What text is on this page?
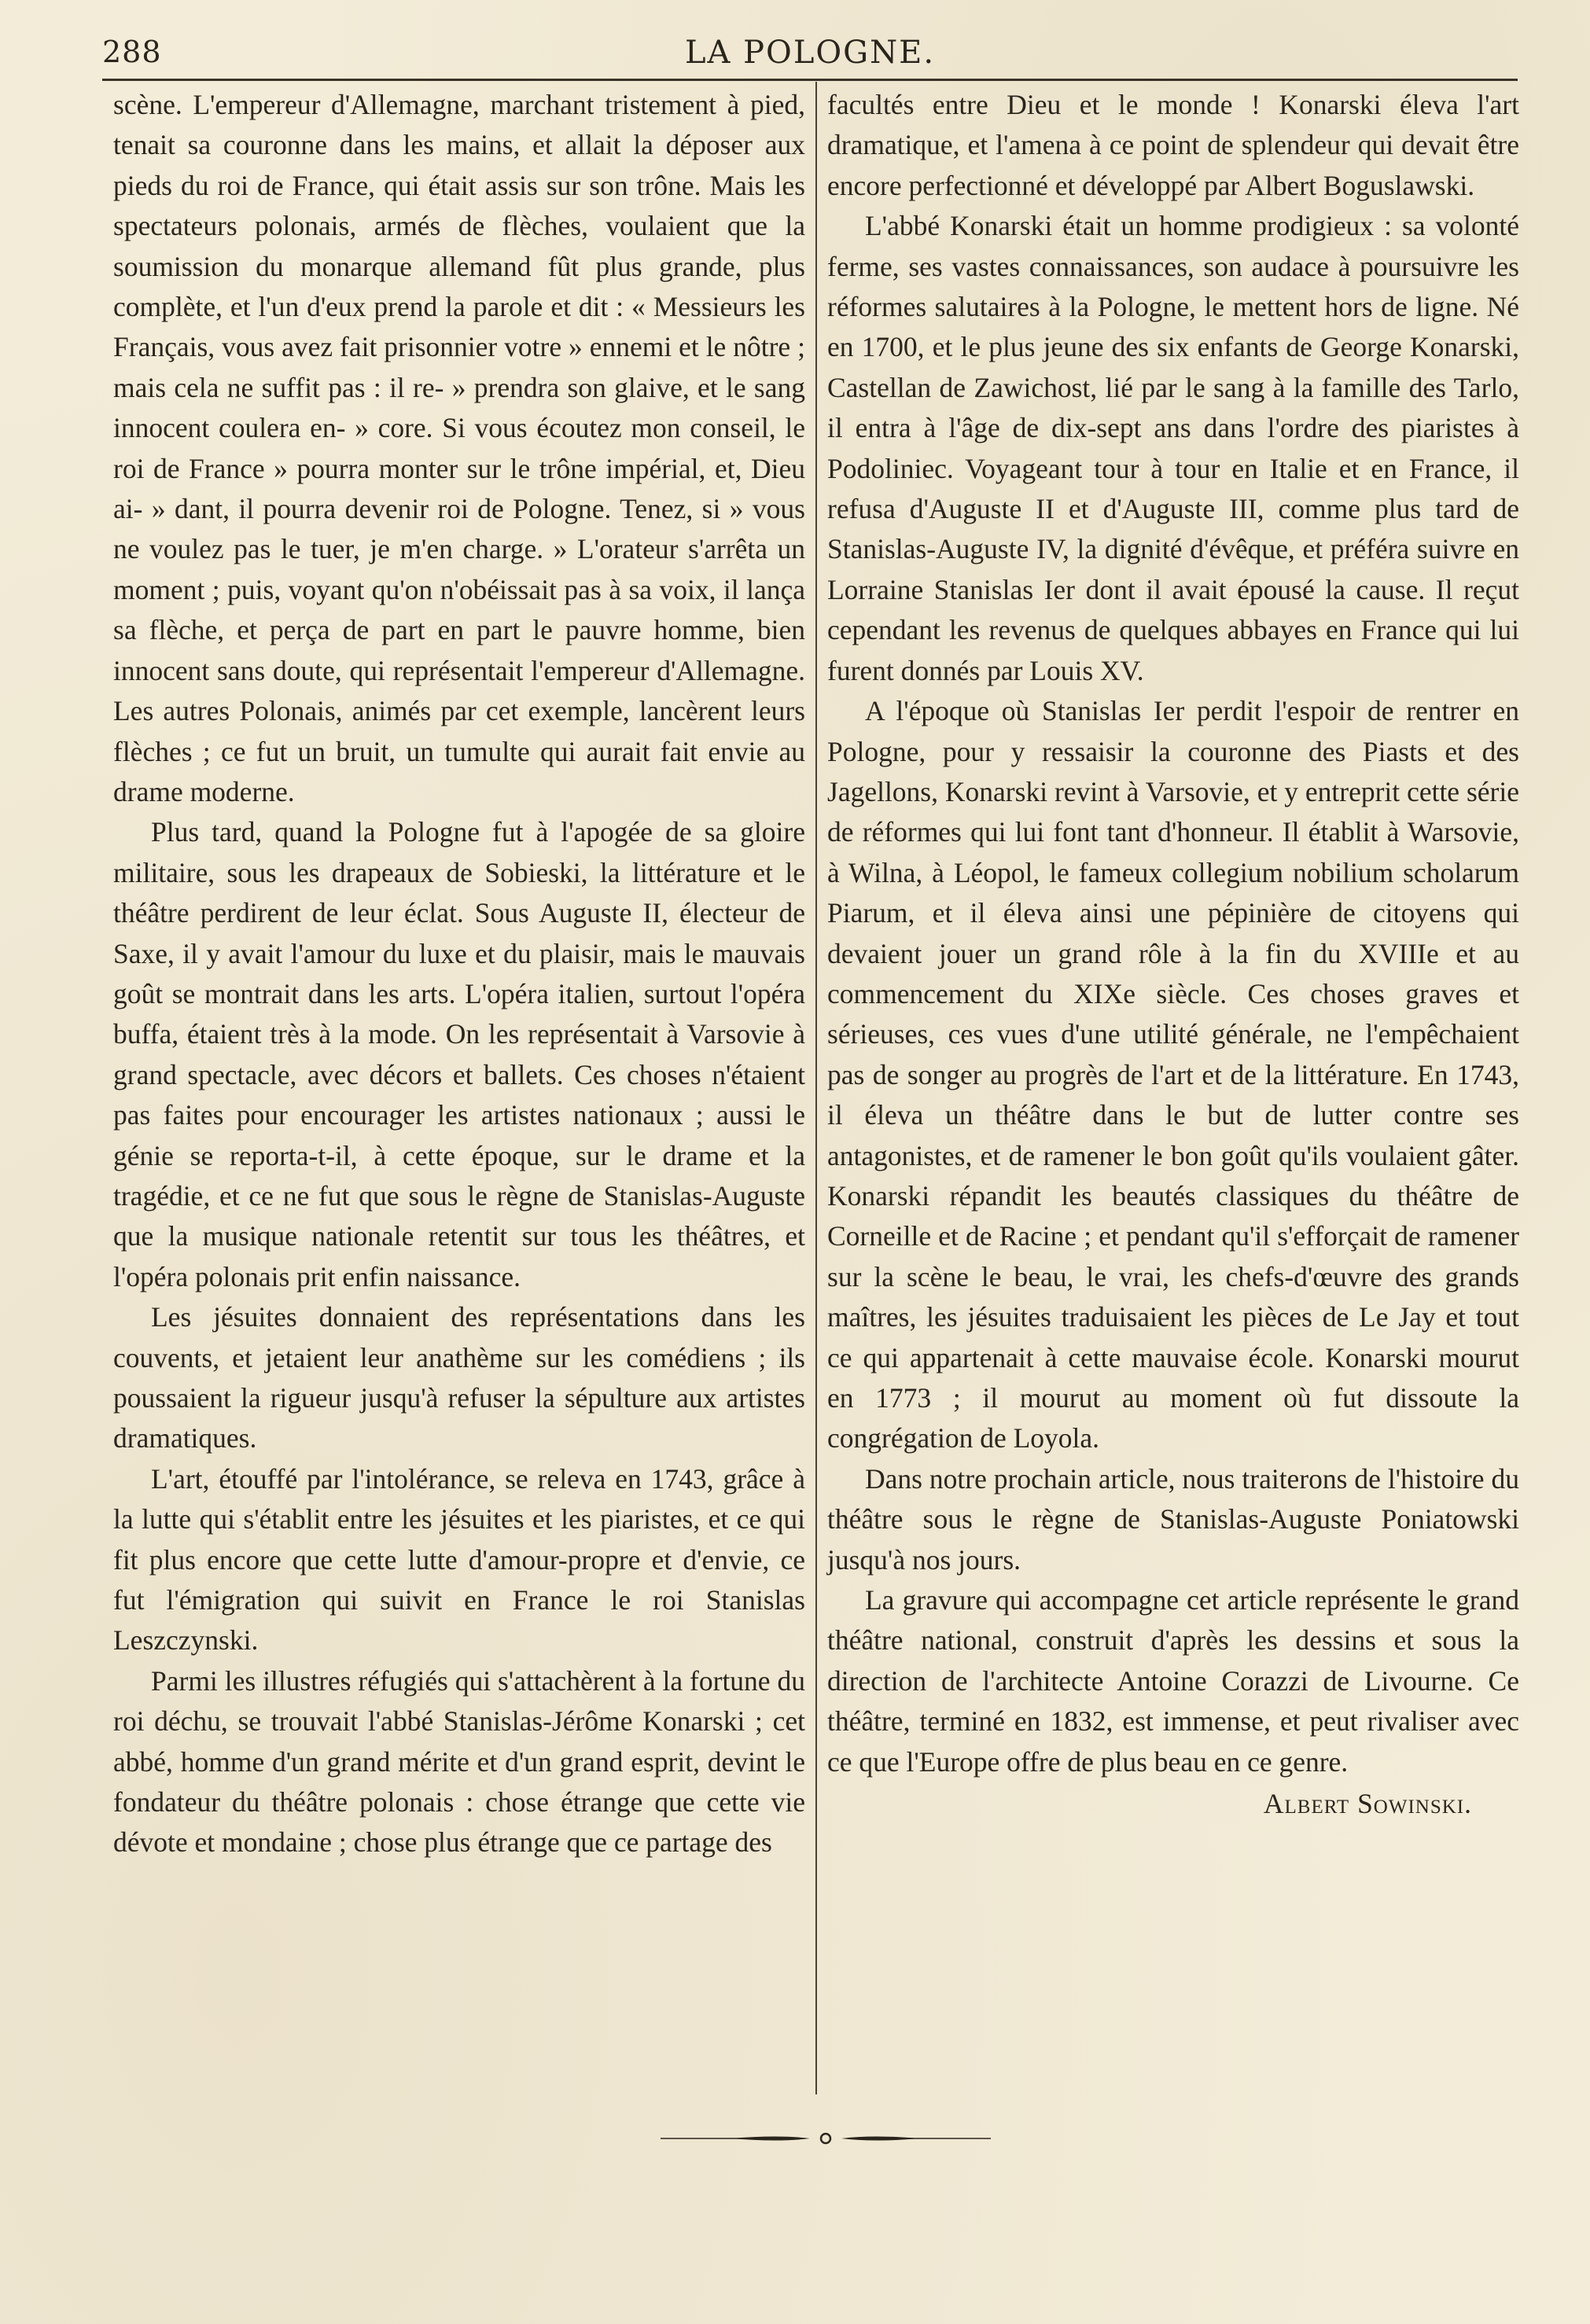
288	LA POLOGNE.

scène. L'empereur d'Allemagne, marchant tristement à pied, tenait sa couronne dans les mains, et allait la déposer aux pieds du roi de France, qui était assis sur son trône. Mais les spectateurs polonais, armés de flèches, voulaient que la soumission du monarque allemand fût plus grande, plus complète, et l'un d'eux prend la parole et dit : « Messieurs les Français, vous avez fait prisonnier votre » ennemi et le nôtre ; mais cela ne suffit pas : il re- » prendra son glaive, et le sang innocent coulera en- » core. Si vous écoutez mon conseil, le roi de France » pourra monter sur le trône impérial, et, Dieu ai- » dant, il pourra devenir roi de Pologne. Tenez, si » vous ne voulez pas le tuer, je m'en charge. » L'orateur s'arrêta un moment ; puis, voyant qu'on n'obéissait pas à sa voix, il lança sa flèche, et perça de part en part le pauvre homme, bien innocent sans doute, qui représentait l'empereur d'Allemagne. Les autres Polonais, animés par cet exemple, lancèrent leurs flèches ; ce fut un bruit, un tumulte qui aurait fait envie au drame moderne.

Plus tard, quand la Pologne fut à l'apogée de sa gloire militaire, sous les drapeaux de Sobieski, la littérature et le théâtre perdirent de leur éclat. Sous Auguste II, électeur de Saxe, il y avait l'amour du luxe et du plaisir, mais le mauvais goût se montrait dans les arts. L'opéra italien, surtout l'opéra buffa, étaient très à la mode. On les représentait à Varsovie à grand spectacle, avec décors et ballets. Ces choses n'étaient pas faites pour encourager les artistes nationaux ; aussi le génie se reporta-t-il, à cette époque, sur le drame et la tragédie, et ce ne fut que sous le règne de Stanislas-Auguste que la musique nationale retentit sur tous les théâtres, et l'opéra polonais prit enfin naissance.

Les jésuites donnaient des représentations dans les couvents, et jetaient leur anathème sur les comédiens ; ils poussaient la rigueur jusqu'à refuser la sépulture aux artistes dramatiques.

L'art, étouffé par l'intolérance, se releva en 1743, grâce à la lutte qui s'établit entre les jésuites et les piaristes, et ce qui fit plus encore que cette lutte d'amour-propre et d'envie, ce fut l'émigration qui suivit en France le roi Stanislas Leszczynski.

Parmi les illustres réfugiés qui s'attachèrent à la fortune du roi déchu, se trouvait l'abbé Stanislas-Jérôme Konarski ; cet abbé, homme d'un grand mérite et d'un grand esprit, devint le fondateur du théâtre polonais : chose étrange que cette vie dévote et mondaine ; chose plus étrange que ce partage des

facultés entre Dieu et le monde ! Konarski éleva l'art dramatique, et l'amena à ce point de splendeur qui devait être encore perfectionné et développé par Albert Boguslawski.

L'abbé Konarski était un homme prodigieux : sa volonté ferme, ses vastes connaissances, son audace à poursuivre les réformes salutaires à la Pologne, le mettent hors de ligne. Né en 1700, et le plus jeune des six enfants de George Konarski, Castellan de Zawichost, lié par le sang à la famille des Tarlo, il entra à l'âge de dix-sept ans dans l'ordre des piaristes à Podoliniec. Voyageant tour à tour en Italie et en France, il refusa d'Auguste II et d'Auguste III, comme plus tard de Stanislas-Auguste IV, la dignité d'évêque, et préféra suivre en Lorraine Stanislas Ier dont il avait épousé la cause. Il reçut cependant les revenus de quelques abbayes en France qui lui furent donnés par Louis XV.

A l'époque où Stanislas Ier perdit l'espoir de rentrer en Pologne, pour y ressaisir la couronne des Piasts et des Jagellons, Konarski revint à Varsovie, et y entreprit cette série de réformes qui lui font tant d'honneur. Il établit à Warsovie, à Wilna, à Léopol, le fameux collegium nobilium scholarum Piarum, et il éleva ainsi une pépinière de citoyens qui devaient jouer un grand rôle à la fin du XVIIIe et au commencement du XIXe siècle. Ces choses graves et sérieuses, ces vues d'une utilité générale, ne l'empêchaient pas de songer au progrès de l'art et de la littérature. En 1743, il éleva un théâtre dans le but de lutter contre ses antagonistes, et de ramener le bon goût qu'ils voulaient gâter. Konarski répandit les beautés classiques du théâtre de Corneille et de Racine ; et pendant qu'il s'efforçait de ramener sur la scène le beau, le vrai, les chefs-d'œuvre des grands maîtres, les jésuites traduisaient les pièces de Le Jay et tout ce qui appartenait à cette mauvaise école. Konarski mourut en 1773 ; il mourut au moment où fut dissoute la congrégation de Loyola.

Dans notre prochain article, nous traiterons de l'histoire du théâtre sous le règne de Stanislas-Auguste Poniatowski jusqu'à nos jours.

La gravure qui accompagne cet article représente le grand théâtre national, construit d'après les dessins et sous la direction de l'architecte Antoine Corazzi de Livourne. Ce théâtre, terminé en 1832, est immense, et peut rivaliser avec ce que l'Europe offre de plus beau en ce genre.

Albert Sowinski.
